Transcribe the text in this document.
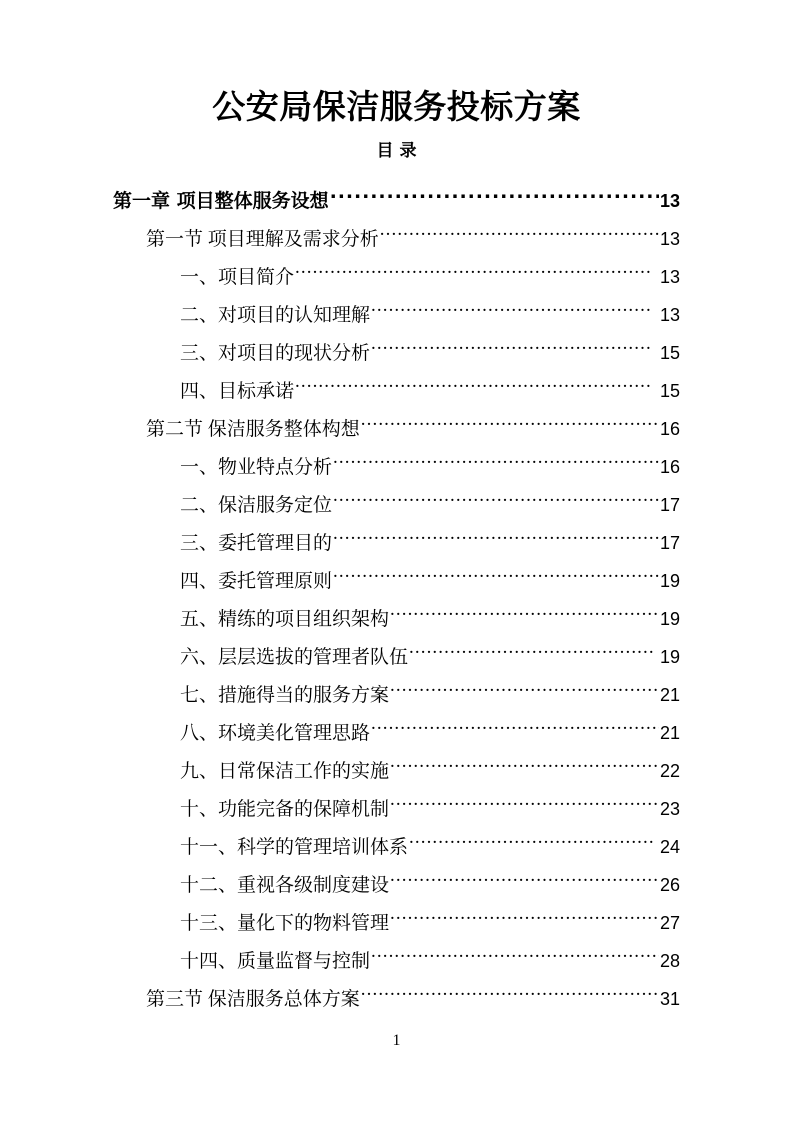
公安局保洁服务投标方案
目 录
第一章 项目整体服务设想 .....	13
第一节 项目理解及需求分析 .....	13
一、项目简介 .....	13
二、对项目的认知理解 .....	13
三、对项目的现状分析 .....	15
四、目标承诺 .....	15
第二节 保洁服务整体构想 .....	16
一、物业特点分析 .....	16
二、保洁服务定位 .....	17
三、委托管理目的 .....	17
四、委托管理原则 .....	19
五、精练的项目组织架构 .....	19
六、层层选拔的管理者队伍 .....	19
七、措施得当的服务方案 .....	21
八、环境美化管理思路 .....	21
九、日常保洁工作的实施 .....	22
十、功能完备的保障机制 .....	23
十一、科学的管理培训体系 .....	24
十二、重视各级制度建设 .....	26
十三、量化下的物料管理 .....	27
十四、质量监督与控制 .....	28
第三节 保洁服务总体方案 .....	31
1
